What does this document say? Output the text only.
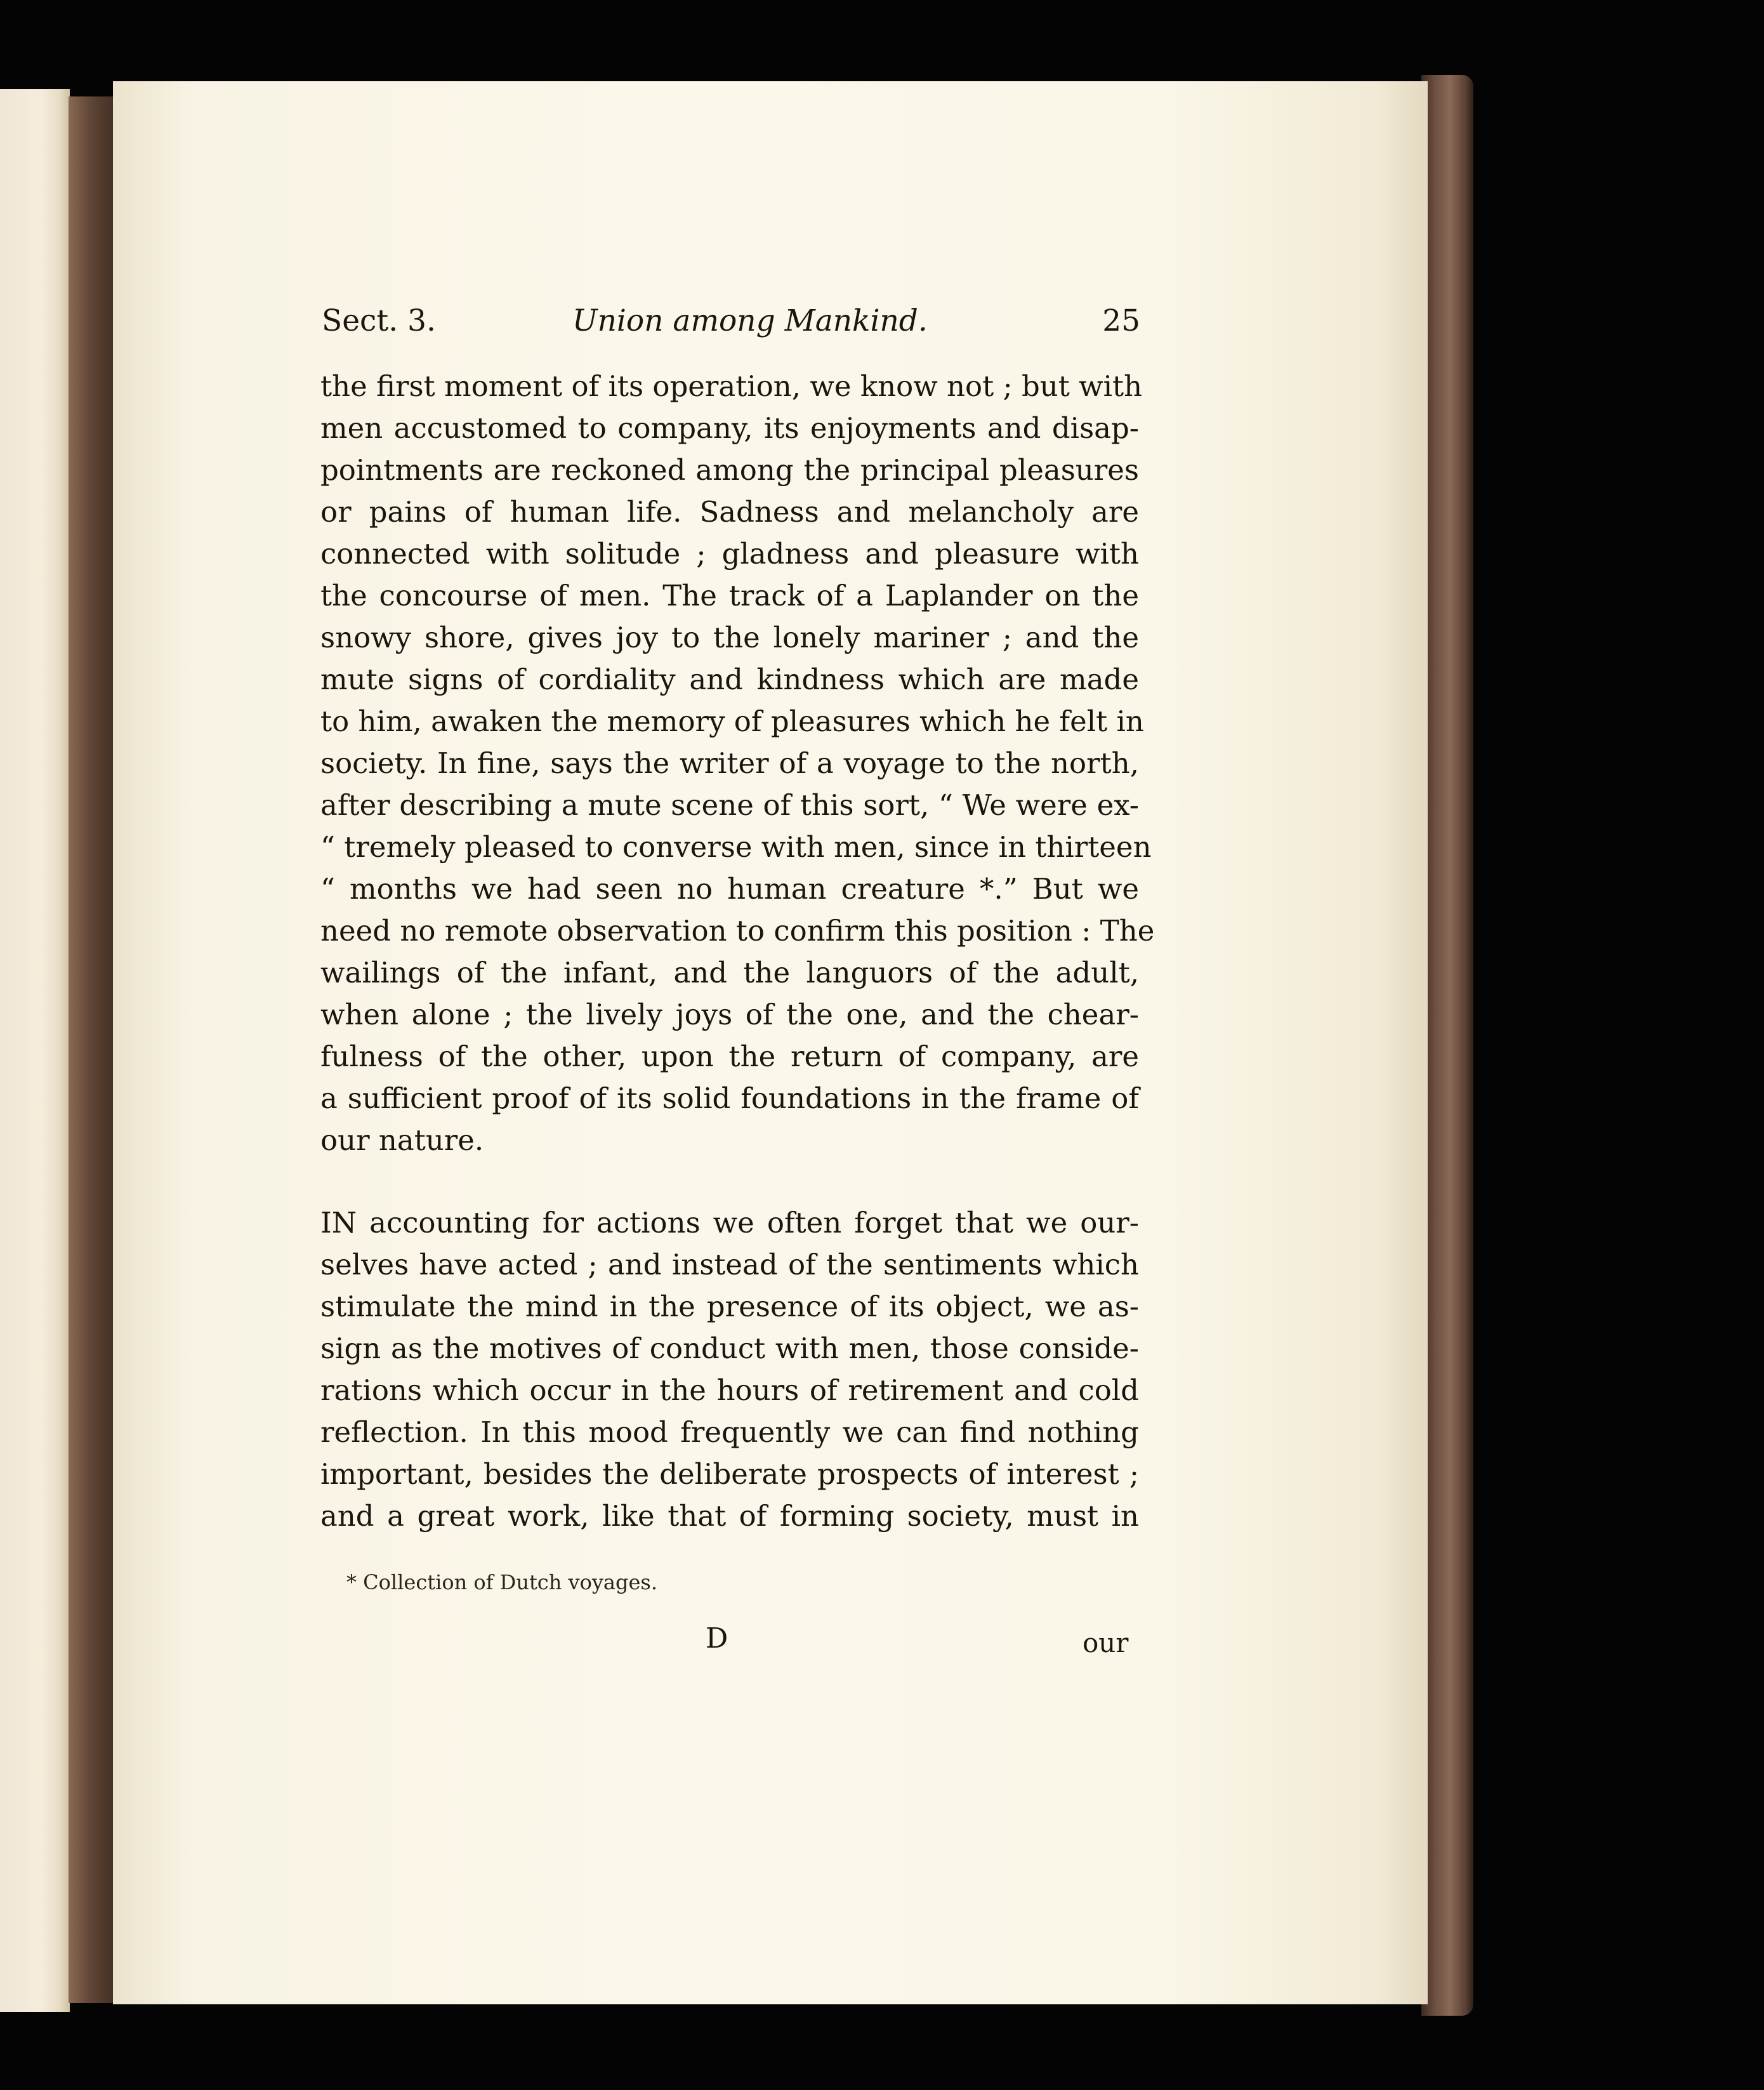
Sect. 3.	Union among Mankind.	25
the first moment of its operation, we know not ; but with
men accustomed to company, its enjoyments and disap-
pointments are reckoned among the principal pleasures
or pains of human life. Sadness and melancholy are
connected with solitude ; gladness and pleasure with
the concourse of men. The track of a Laplander on the
snowy shore, gives joy to the lonely mariner ; and the
mute signs of cordiality and kindness which are made
to him, awaken the memory of pleasures which he felt in
society. In fine, says the writer of a voyage to the north,
after describing a mute scene of this sort, “ We were ex-
“ tremely pleased to converse with men, since in thirteen
“ months we had seen no human creature *.” But we
need no remote observation to confirm this position : The
wailings of the infant, and the languors of the adult,
when alone ; the lively joys of the one, and the chear-
fulness of the other, upon the return of company, are
a sufficient proof of its solid foundations in the frame of
our nature.
IN accounting for actions we often forget that we our-
selves have acted ; and instead of the sentiments which
stimulate the mind in the presence of its object, we as-
sign as the motives of conduct with men, those conside-
rations which occur in the hours of retirement and cold
reflection. In this mood frequently we can find nothing
important, besides the deliberate prospects of interest ;
and a great work, like that of forming society, must in
* Collection of Dutch voyages.
D	our
